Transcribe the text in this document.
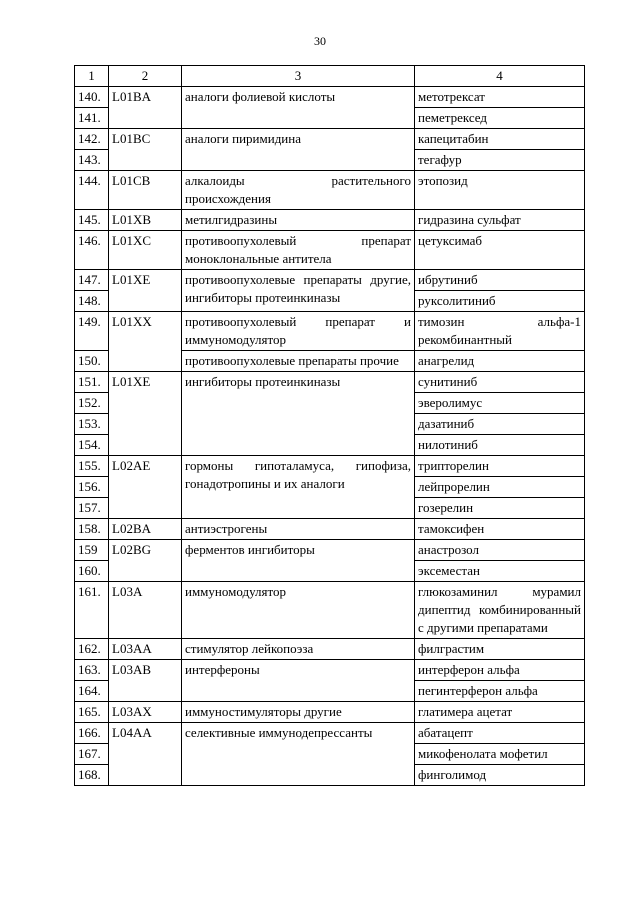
30
1	2	3	4
140.	L01BA	аналоги фолиевой кислоты	метотрексат
141.			пеметрексед
142.	L01BC	аналоги пиримидина	капецитабин
143.			тегафур
144.	L01CB	алкалоиды растительного происхождения	этопозид
145.	L01XB	метилгидразины	гидразина сульфат
146.	L01XC	противоопухолевый препарат моноклональные антитела	цетуксимаб
147.	L01XE	противоопухолевые препараты другие, ингибиторы протеинкиназы	ибрутиниб
148.			руксолитиниб
149.	L01XX	противоопухолевый препарат и иммуномодулятор	тимозин альфа-1 рекомбинантный
150.		противоопухолевые препараты прочие	анагрелид
151.	L01XE	ингибиторы протеинкиназы	сунитиниб
152.			эверолимус
153.			дазатиниб
154.			нилотиниб
155.	L02AE	гормоны гипоталамуса, гипофиза, гонадотропины и их аналоги	трипторелин
156.			лейпрорелин
157.			гозерелин
158.	L02BA	антиэстрогены	тамоксифен
159	L02BG	ферментов ингибиторы	анастрозол
160.			эксеместан
161.	L03A	иммуномодулятор	глюкозаминил мурамил дипептид комбинированный с другими препаратами
162.	L03AA	стимулятор лейкопоэза	филграстим
163.	L03AB	интерфероны	интерферон альфа
164.			пегинтерферон альфа
165.	L03AX	иммуностимуляторы другие	глатимера ацетат
166.	L04AA	селективные иммунодепрессанты	абатацепт
167.			микофенолата мофетил
168.			финголимод
